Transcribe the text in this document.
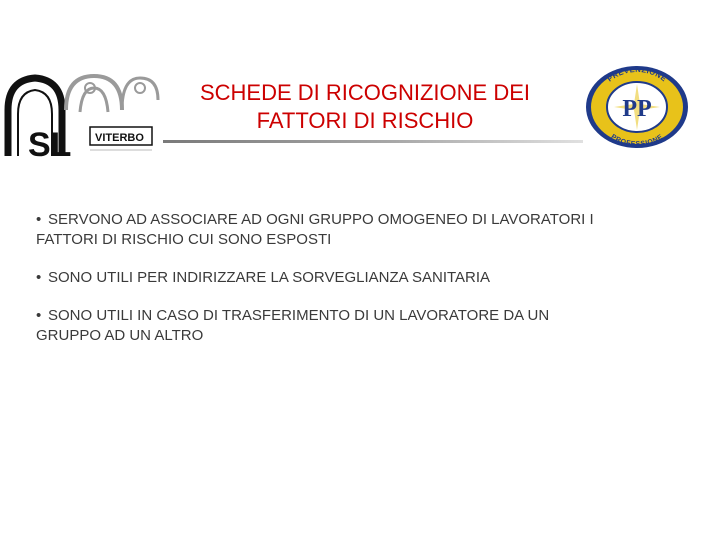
SL VITERBO
SCHEDE DI RICOGNIZIONE DEI
FATTORI DI RISCHIO
PREVENZIONE
PROFESSIONE
PP
• SERVONO AD ASSOCIARE AD OGNI GRUPPO OMOGENEO DI LAVORATORI I FATTORI DI RISCHIO CUI SONO ESPOSTI
• SONO UTILI PER INDIRIZZARE LA SORVEGLIANZA SANITARIA
• SONO UTILI IN CASO DI TRASFERIMENTO DI UN LAVORATORE DA UN GRUPPO AD UN ALTRO
